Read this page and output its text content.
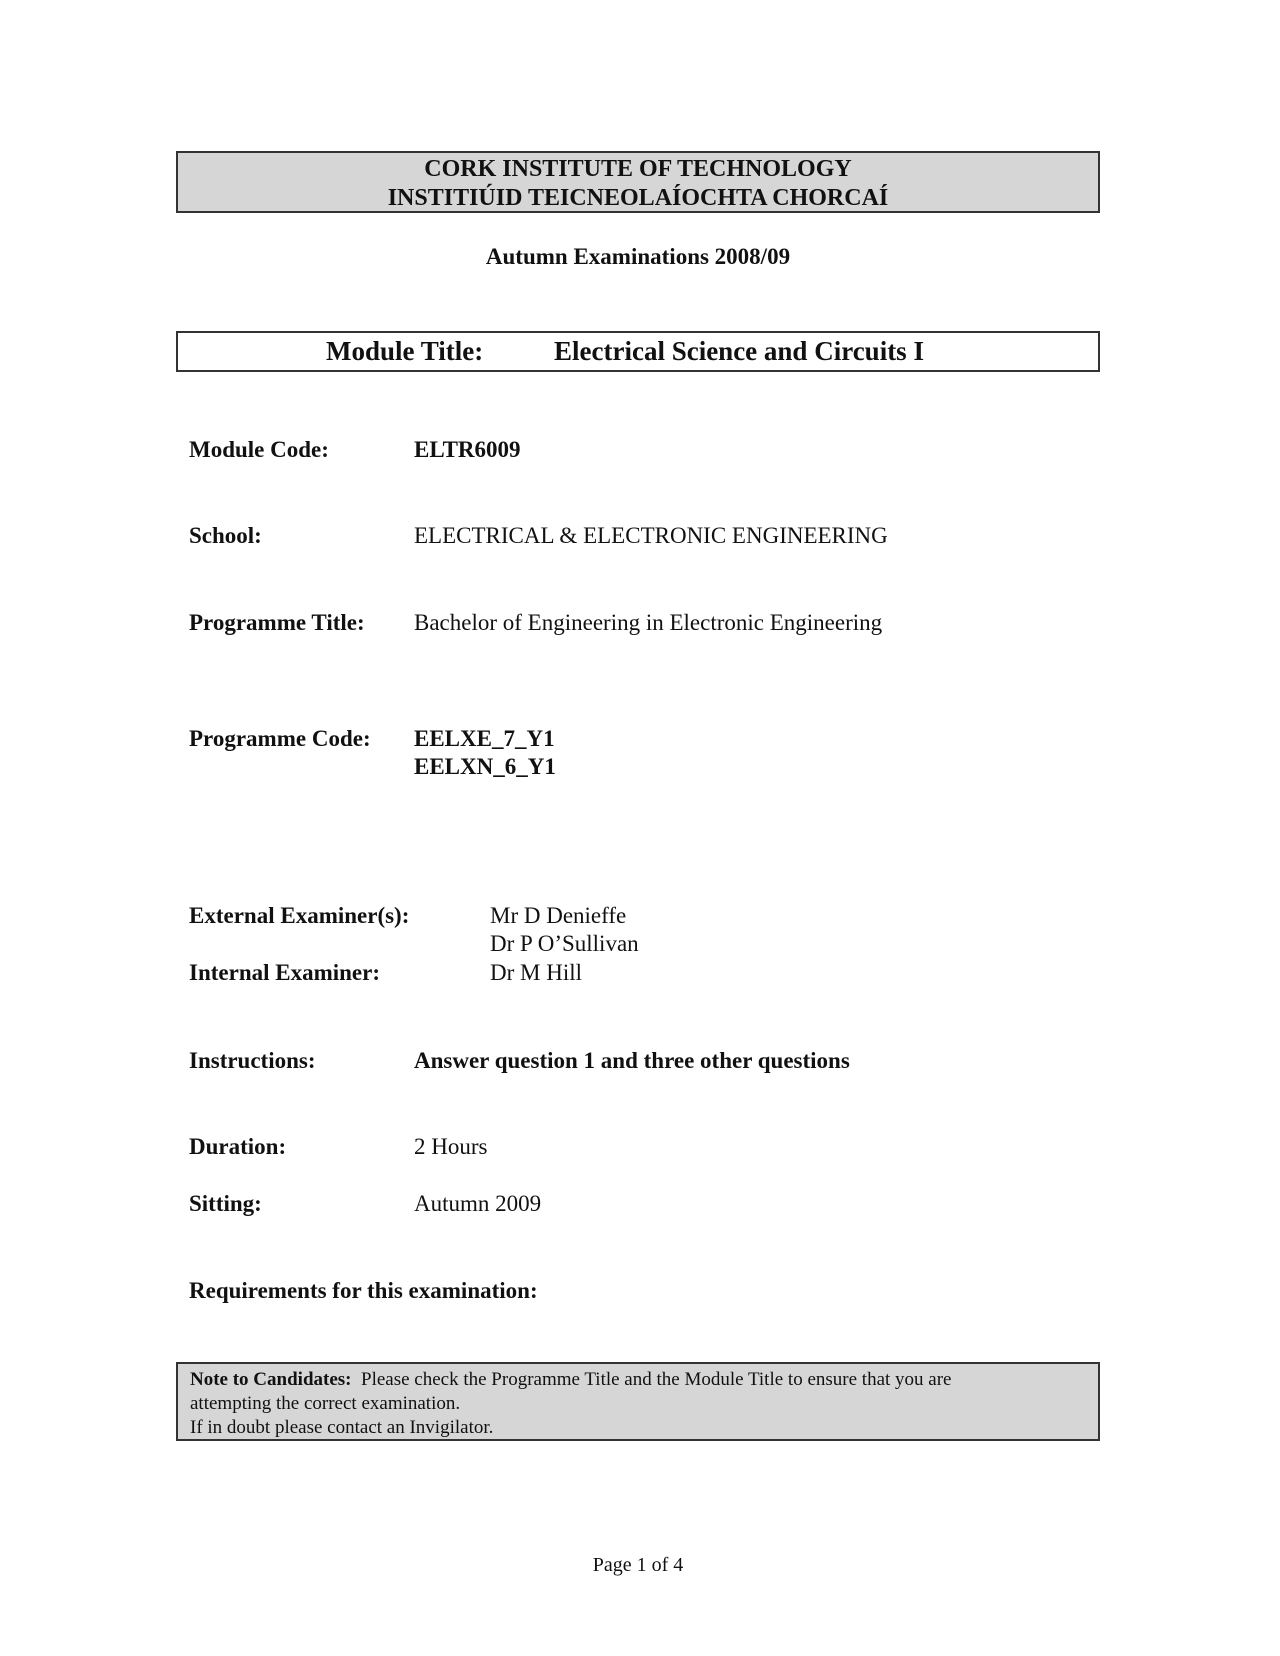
CORK INSTITUTE OF TECHNOLOGY
INSTITIÚID TEICNEOLAÍOCHTA CHORCAÍ
Autumn Examinations 2008/09
Module Title:	Electrical Science and Circuits I
Module Code:	ELTR6009
School:	ELECTRICAL & ELECTRONIC ENGINEERING
Programme Title: Bachelor of Engineering in Electronic Engineering
Programme Code: EELXE_7_Y1
EELXN_6_Y1
External Examiner(s):	Mr D Denieffe
Dr P O’Sullivan
Internal Examiner:	Dr M Hill
Instructions:	Answer question 1 and three other questions
Duration:	2 Hours
Sitting:	Autumn 2009
Requirements for this examination:
Note to Candidates: Please check the Programme Title and the Module Title to ensure that you are
attempting the correct examination.
If in doubt please contact an Invigilator.
Page 1 of 4
